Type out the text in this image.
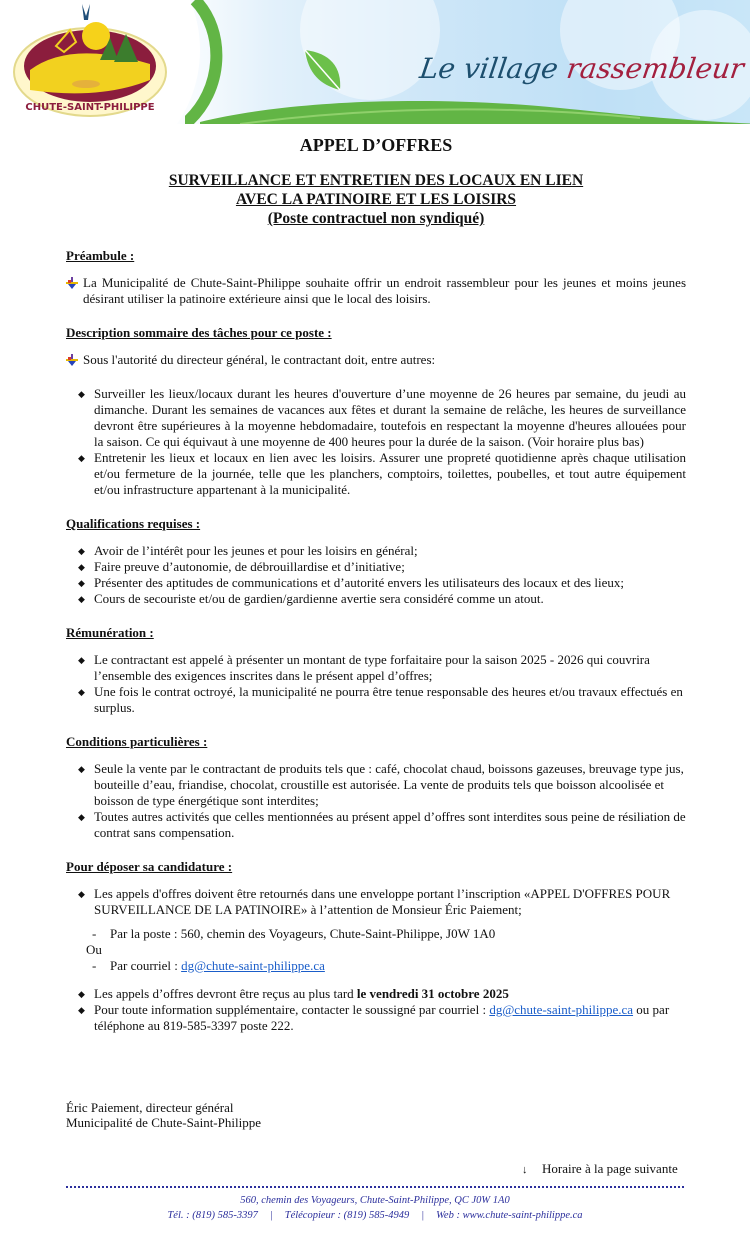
CHUTE-SAINT-PHILIPPE
Le village rassembleur
APPEL D’OFFRES
SURVEILLANCE ET ENTRETIEN DES LOCAUX EN LIEN
AVEC LA PATINOIRE ET LES LOISIRS
(Poste contractuel non syndiqué)
Préambule :
La Municipalité de Chute-Saint-Philippe souhaite offrir un endroit rassembleur pour les jeunes et moins jeunes désirant utiliser la patinoire extérieure ainsi que le local des loisirs.
Description sommaire des tâches pour ce poste :
Sous l'autorité du directeur général, le contractant doit, entre autres:
◆ Surveiller les lieux/locaux durant les heures d'ouverture d’une moyenne de 26 heures par semaine, du jeudi au dimanche. Durant les semaines de vacances aux fêtes et durant la semaine de relâche, les heures de surveillance devront être supérieures à la moyenne hebdomadaire, toutefois en respectant la moyenne d'heures allouées pour la saison. Ce qui équivaut à une moyenne de 400 heures pour la durée de la saison. (Voir horaire plus bas)
◆ Entretenir les lieux et locaux en lien avec les loisirs. Assurer une propreté quotidienne après chaque utilisation et/ou fermeture de la journée, telle que les planchers, comptoirs, toilettes, poubelles, et tout autre équipement et/ou infrastructure appartenant à la municipalité.
Qualifications requises :
◆ Avoir de l’intérêt pour les jeunes et pour les loisirs en général;
◆ Faire preuve d’autonomie, de débrouillardise et d’initiative;
◆ Présenter des aptitudes de communications et d’autorité envers les utilisateurs des locaux et des lieux;
◆ Cours de secouriste et/ou de gardien/gardienne avertie sera considéré comme un atout.
Rémunération :
◆ Le contractant est appelé à présenter un montant de type forfaitaire pour la saison 2025 - 2026 qui couvrira l’ensemble des exigences inscrites dans le présent appel d’offres;
◆ Une fois le contrat octroyé, la municipalité ne pourra être tenue responsable des heures et/ou travaux effectués en surplus.
Conditions particulières :
◆ Seule la vente par le contractant de produits tels que : café, chocolat chaud, boissons gazeuses, breuvage type jus, bouteille d’eau, friandise, chocolat, croustille est autorisée. La vente de produits tels que boisson alcoolisée et boisson de type énergétique sont interdites;
◆ Toutes autres activités que celles mentionnées au présent appel d’offres sont interdites sous peine de résiliation de contrat sans compensation.
Pour déposer sa candidature :
◆ Les appels d'offres doivent être retournés dans une enveloppe portant l’inscription «APPEL D'OFFRES POUR SURVEILLANCE DE LA PATINOIRE» à l’attention de Monsieur Éric Paiement;
-	Par la poste : 560, chemin des Voyageurs, Chute-Saint-Philippe, J0W 1A0
Ou
-	Par courriel : dg@chute-saint-philippe.ca
◆ Les appels d’offres devront être reçus au plus tard le vendredi 31 octobre 2025
◆ Pour toute information supplémentaire, contacter le soussigné par courriel : dg@chute-saint-philippe.ca ou par téléphone au 819-585-3397 poste 222.
Éric Paiement, directeur général
Municipalité de Chute-Saint-Philippe
↓ Horaire à la page suivante
560, chemin des Voyageurs, Chute-Saint-Philippe, QC J0W 1A0
Tél. : (819) 585-3397 | Télécopieur : (819) 585-4949 | Web : www.chute-saint-philippe.ca
